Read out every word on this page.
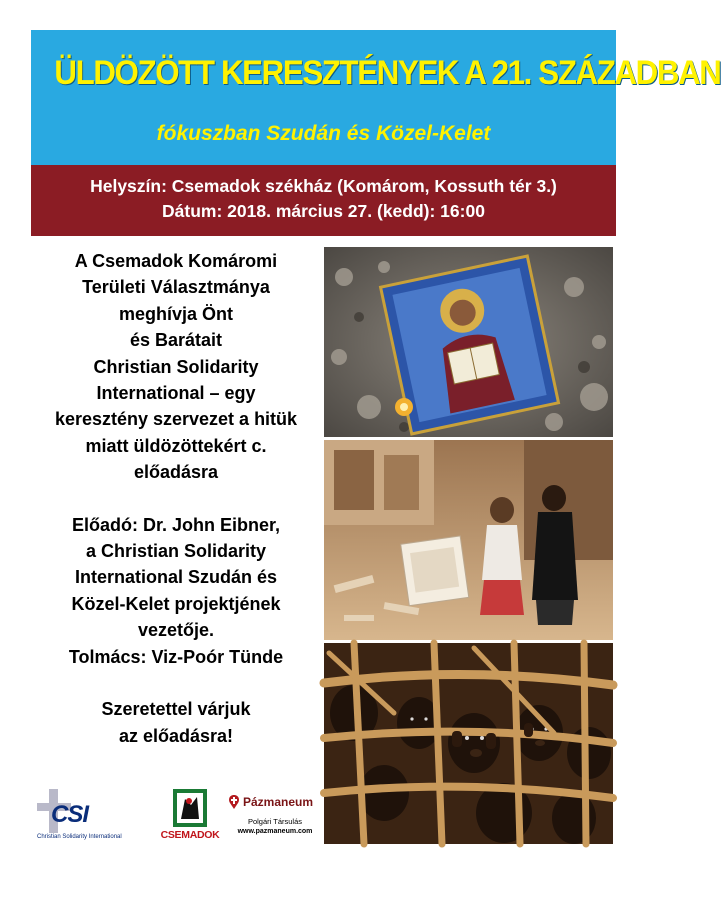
ÜLDÖZÖTT KERESZTÉNYEK A 21. SZÁZADBAN
fókuszban Szudán és Közel-Kelet
Helyszín: Csemadok székház (Komárom, Kossuth tér 3.)
Dátum: 2018. március 27. (kedd): 16:00

A Csemadok Komáromi

Területi Választmánya

meghívja Önt

és Barátait

Christian Solidarity

International – egy

keresztény szervezet a hitük

miatt üldözöttekért c.

előadásra

Előadó: Dr. John Eibner,

a Christian Solidarity

International Szudán és

Közel-Kelet projektjének

vezetője.

Tolmács: Viz-Poór Tünde

Szeretettel várjuk

az előadásra!

CSI
Christian Solidarity International	CSEMADOK
Pázmaneum
Polgári Társulás
www.pazmaneum.com
